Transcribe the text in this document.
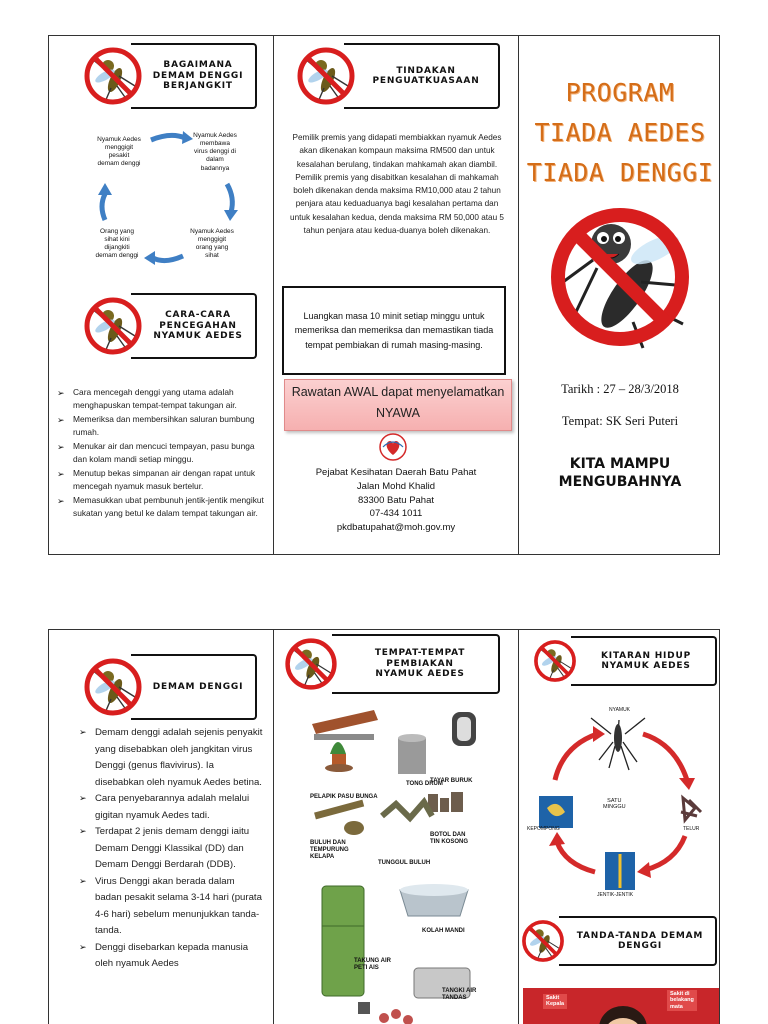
BAGAIMANA
DEMAM DENGGI
BERJANGKIT
Nyamuk Aedes
menggigit
pesakit
demam denggi
Nyamuk Aedes
membawa
virus denggi di
dalam
badannya
Nyamuk Aedes
menggigit
orang yang
sihat
Orang yang
sihat kini
dijangkiti
demam denggi
CARA-CARA
PENCEGAHAN
NYAMUK AEDES
➢ Cara mencegah denggi yang utama adalah menghapuskan tempat-tempat takungan air.
➢ Memeriksa dan membersihkan saluran bumbung rumah.
➢ Menukar air dan mencuci tempayan, pasu bunga dan kolam mandi setiap minggu.
➢ Menutup bekas simpanan air dengan rapat untuk mencegah nyamuk masuk bertelur.
➢ Memasukkan ubat pembunuh jentik-jentik mengikut sukatan yang betul ke dalam tempat takungan air.
TINDAKAN
PENGUATKUASAAN
Pemilik premis yang didapati membiakkan nyamuk Aedes akan dikenakan kompaun maksima RM500 dan untuk kesalahan berulang, tindakan mahkamah akan diambil. Pemilik premis yang disabitkan kesalahan di mahkamah boleh dikenakan denda maksima RM10,000 atau 2 tahun penjara atau keduaduanya bagi kesalahan pertama dan untuk kesalahan kedua, denda maksima RM 50,000 atau 5 tahun penjara atau kedua-duanya boleh dikenakan.
Luangkan masa 10 minit setiap minggu untuk memeriksa dan memeriksa dan memastikan tiada tempat pembiakan di rumah masing-masing.
Rawatan AWAL dapat menyelamatkan NYAWA
Pejabat Kesihatan Daerah Batu Pahat
Jalan Mohd Khalid
83300 Batu Pahat
07-434 1011
pkdbatupahat@moh.gov.my
PROGRAM
TIADA AEDES
TIADA DENGGI
Tarikh : 27 – 28/3/2018
Tempat: SK Seri Puteri
KITA MAMPU
MENGUBAHNYA
DEMAM DENGGI
➢ Demam denggi adalah sejenis penyakit yang disebabkan oleh jangkitan virus Denggi (genus flavivirus). Ia disebabkan oleh nyamuk Aedes betina.
➢ Cara penyebarannya adalah melalui gigitan nyamuk Aedes tadi.
➢ Terdapat 2 jenis demam denggi iaitu Demam Denggi Klassikal (DD) dan Demam Denggi Berdarah (DDB).
➢ Virus Denggi akan berada dalam badan pesakit selama 3-14 hari (purata 4-6 hari) sebelum menunjukkan tanda-tanda.
➢ Denggi disebarkan kepada manusia oleh nyamuk Aedes
TEMPAT-TEMPAT PEMBIAKAN
NYAMUK AEDES
TAYAR BURUK
TONG DRUM
PELAPIK PASU BUNGA
BOTOL DAN
TIN KOSONG
BULUH DAN
TEMPURUNG
KELAPA
TUNGGUL BULUH
KOLAH MANDI
TAKUNG AIR
PETI AIS
TANGKI AIR
TANDAS
KITARAN HIDUP
NYAMUK AEDES
NYAMUK
SATU
MINGGU
TELUR
JENTIK-JENTIK
KEPOMPONG
TANDA-TANDA DEMAM
DENGGI
Sakit
Kepala
Sakit di
belakang
mata
